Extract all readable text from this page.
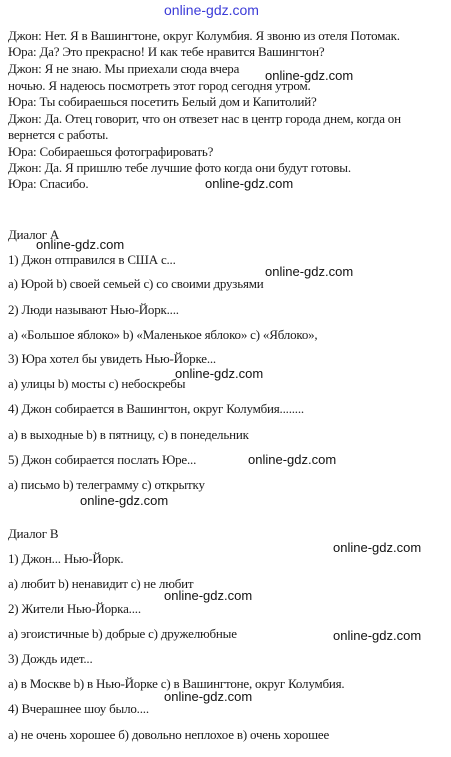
online-gdz.com
Джон: Нет. Я в Вашингтоне, округ Колумбия. Я звоню из отеля Потомак.
Юра: Да? Это прекрасно! И как тебе нравится Вашингтон?
Джон: Я не знаю. Мы приехали сюда вчера
ночью. Я надеюсь посмотреть этот город сегодня утром.
Юра: Ты собираешься посетить Белый дом и Капитолий?
Джон: Да. Отец говорит, что он отвезет нас в центр города днем, когда он
вернется с работы.
Юра: Собираешься фотографировать?
Джон: Да. Я пришлю тебе лучшие фото когда они будут готовы.
Юра: Спасибо.
Диалог A
1) Джон отправился в США с...
a) Юрой b) своей семьей c) со своими друзьями
2) Люди называют Нью-Йорк....
a) «Большое яблоко» b) «Маленькое яблоко» c) «Яблоко»,
3) Юра хотел бы увидеть Нью-Йорке...
a) улицы b) мосты c) небоскребы
4) Джон собирается в Вашингтон, округ Колумбия........
a) в выходные b) в пятницу, c) в понедельник
5) Джон собирается послать Юре...
a) письмо b) телеграмму c) открытку
Диалог B
1) Джон... Нью-Йорк.
a) любит b) ненавидит c) не любит
2) Жители Нью-Йорка....
a) эгоистичные b) добрые c) дружелюбные
3) Дождь идет...
a) в Москве b) в Нью-Йорке c) в Вашингтоне, округ Колумбия.
4) Вчерашнее шоу было....
а) не очень хорошее б) довольно неплохое в) очень хорошее
online-gdz.com
online-gdz.com
online-gdz.com
online-gdz.com
online-gdz.com
online-gdz.com
online-gdz.com
online-gdz.com
online-gdz.com
online-gdz.com
online-gdz.com
